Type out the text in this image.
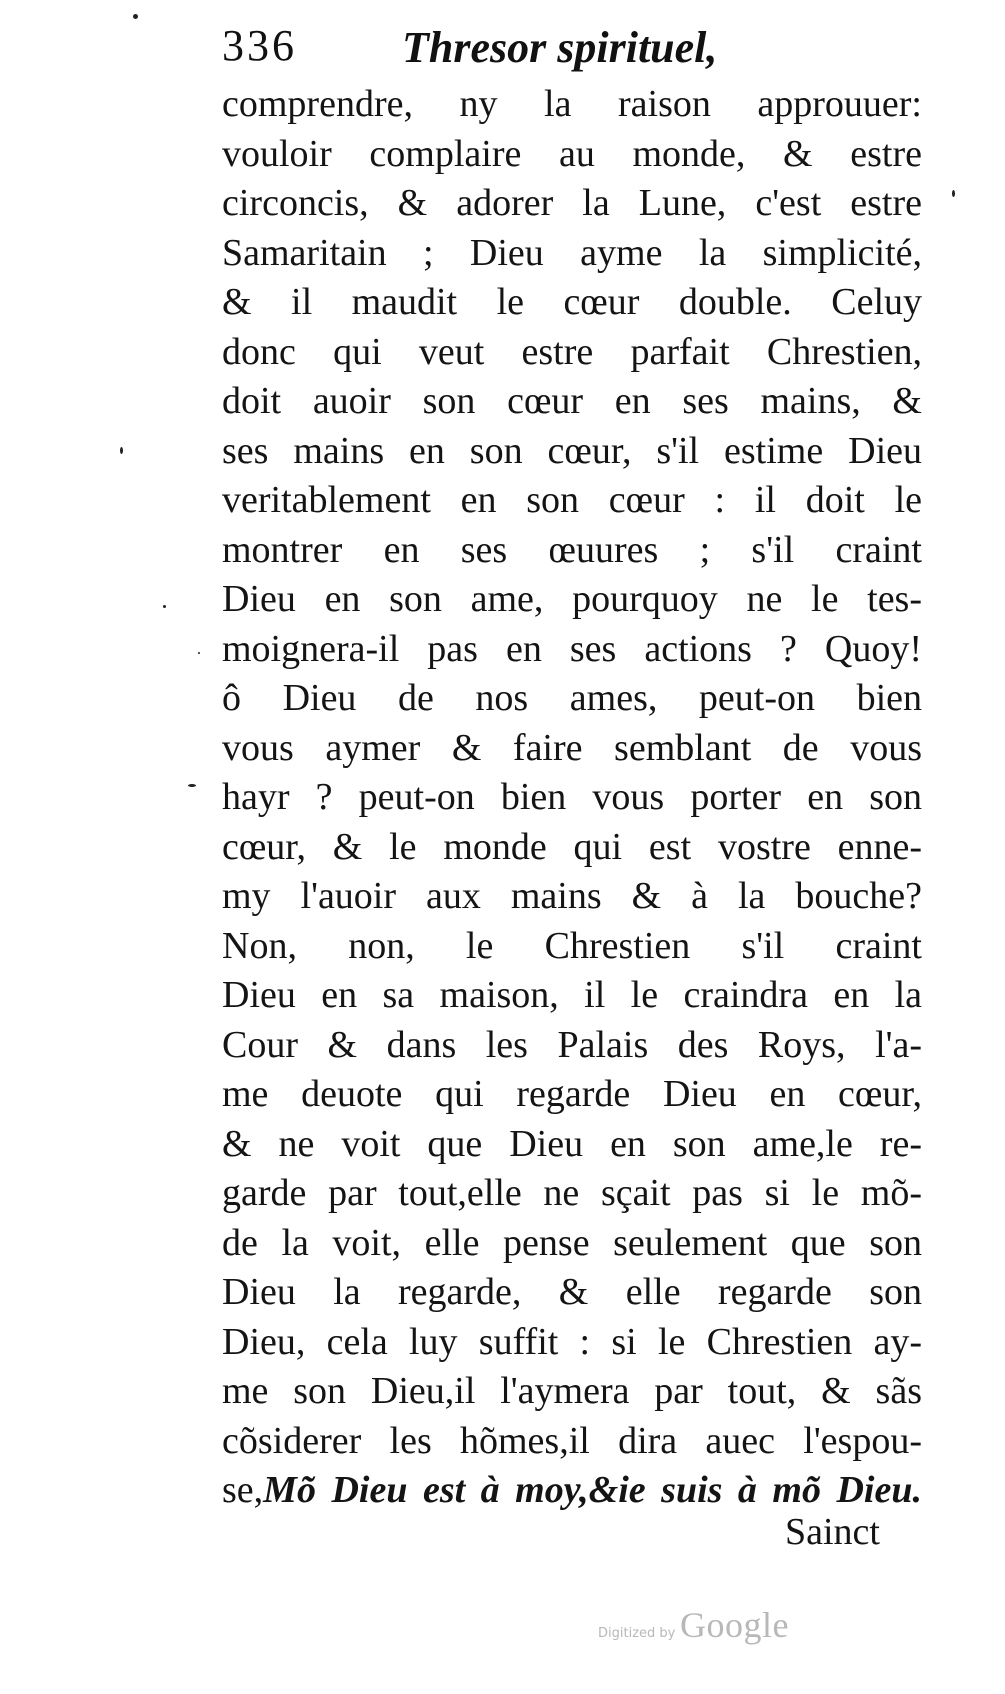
336 Thresor spirituel,
comprendre, ny la raison approuuer:
vouloir complaire au monde, & estre
circoncis, & adorer la Lune, c'est estre
Samaritain ; Dieu ayme la simplicité,
& il maudit le cœur double. Celuy
donc qui veut estre parfait Chrestien,
doit auoir son cœur en ses mains, &
ses mains en son cœur, s'il estime Dieu
veritablement en son cœur : il doit le
montrer en ses œuures ; s'il craint
Dieu en son ame, pourquoy ne le tes-
moignera-il pas en ses actions ? Quoy!
ô Dieu de nos ames, peut-on bien
vous aymer & faire semblant de vous
hayr ? peut-on bien vous porter en son
cœur, & le monde qui est vostre enne-
my l'auoir aux mains & à la bouche?
Non, non, le Chrestien s'il craint
Dieu en sa maison, il le craindra en la
Cour & dans les Palais des Roys, l'a-
me deuote qui regarde Dieu en cœur,
& ne voit que Dieu en son ame,le re-
garde par tout,elle ne sçait pas si le mõ-
de la voit, elle pense seulement que son
Dieu la regarde, & elle regarde son
Dieu, cela luy suffit : si le Chrestien ay-
me son Dieu,il l'aymera par tout, & sãs
cõsiderer les hõmes,il dira auec l'espou-
se,Mõ Dieu est à moy,&ie suis à mõ Dieu.
Sainct
Digitized by Google
